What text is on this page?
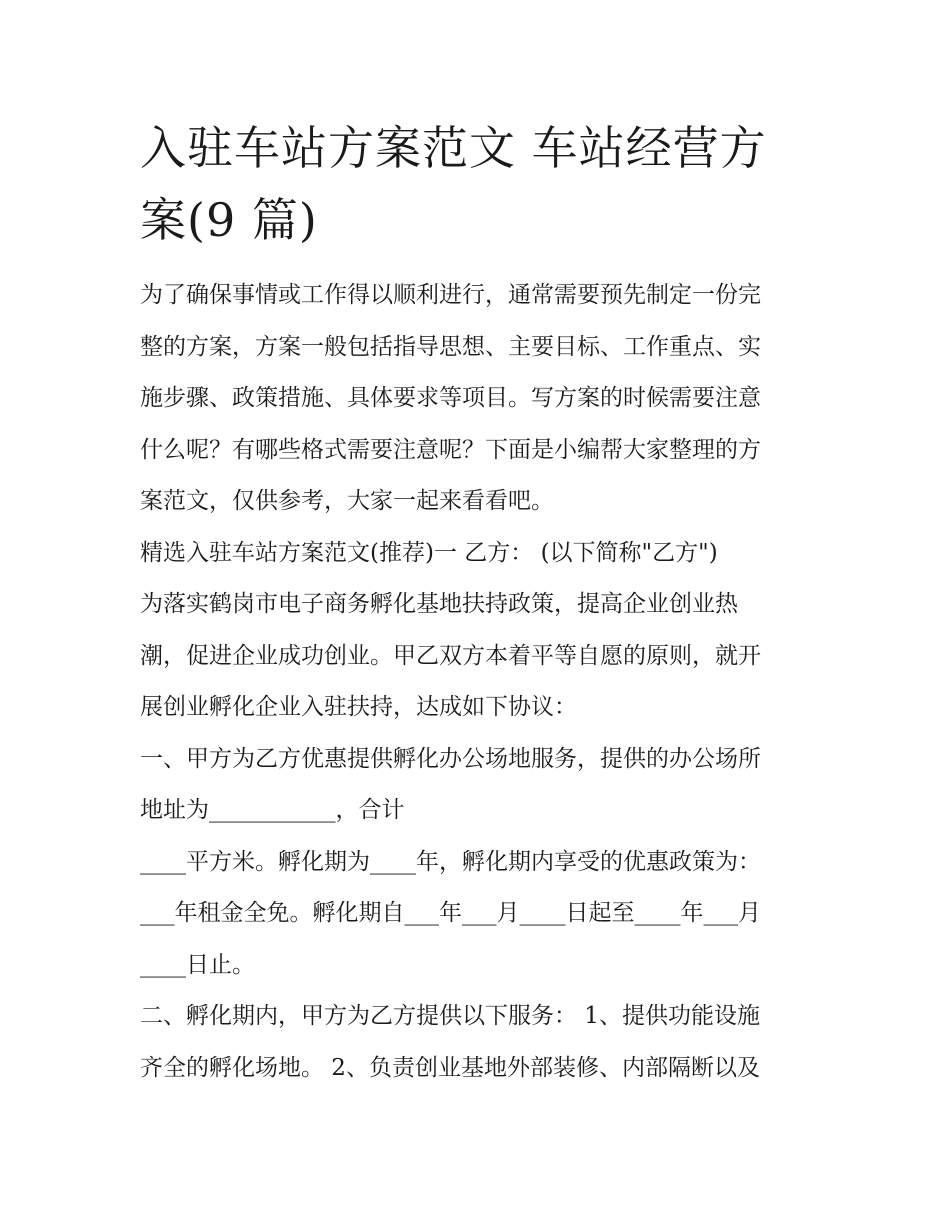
入驻车站方案范文 车站经营方
案(9 篇)

为了确保事情或工作得以顺利进行，通常需要预先制定一份完
整的方案，方案一般包括指导思想、主要目标、工作重点、实
施步骤、政策措施、具体要求等项目。写方案的时候需要注意
什么呢？有哪些格式需要注意呢？下面是小编帮大家整理的方
案范文，仅供参考，大家一起来看看吧。

精选入驻车站方案范文(推荐)一 乙方： (以下简称"乙方")

为落实鹤岗市电子商务孵化基地扶持政策，提高企业创业热
潮，促进企业成功创业。甲乙双方本着平等自愿的原则，就开
展创业孵化企业入驻扶持，达成如下协议：

一、甲方为乙方优惠提供孵化办公场地服务，提供的办公场所
地址为___________，合计

____平方米。孵化期为____年，孵化期内享受的优惠政策为：
___年租金全免。孵化期自___年___月____日起至____年___月
____日止。

二、孵化期内，甲方为乙方提供以下服务： 1、提供功能设施
齐全的孵化场地。 2、负责创业基地外部装修、内部隔断以及
